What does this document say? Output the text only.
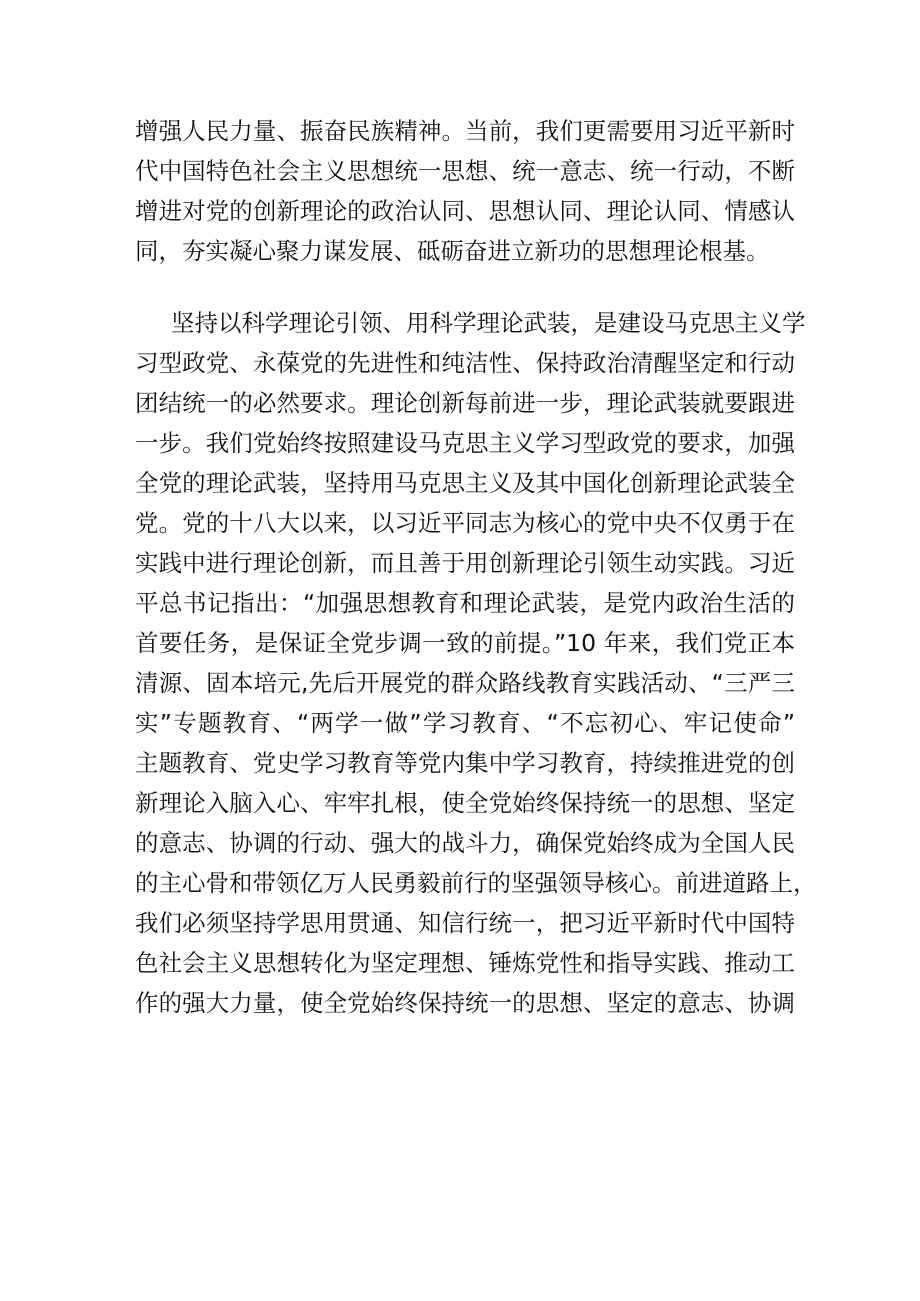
增强人民力量、振奋民族精神。当前，我们更需要用习近平新时
代中国特色社会主义思想统一思想、统一意志、统一行动，不断
增进对党的创新理论的政治认同、思想认同、理论认同、情感认
同，夯实凝心聚力谋发展、砥砺奋进立新功的思想理论根基。
坚持以科学理论引领、用科学理论武装，是建设马克思主义学
习型政党、永葆党的先进性和纯洁性、保持政治清醒坚定和行动
团结统一的必然要求。理论创新每前进一步，理论武装就要跟进
一步。我们党始终按照建设马克思主义学习型政党的要求，加强
全党的理论武装，坚持用马克思主义及其中国化创新理论武装全
党。党的十八大以来，以习近平同志为核心的党中央不仅勇于在
实践中进行理论创新，而且善于用创新理论引领生动实践。习近
平总书记指出：“加强思想教育和理论武装，是党内政治生活的
首要任务，是保证全党步调一致的前提。”10 年来，我们党正本
清源、固本培元,先后开展党的群众路线教育实践活动、“三严三
实”专题教育、“两学一做”学习教育、“不忘初心、牢记使命”
主题教育、党史学习教育等党内集中学习教育，持续推进党的创
新理论入脑入心、牢牢扎根，使全党始终保持统一的思想、坚定
的意志、协调的行动、强大的战斗力，确保党始终成为全国人民
的主心骨和带领亿万人民勇毅前行的坚强领导核心。前进道路上，
我们必须坚持学思用贯通、知信行统一，把习近平新时代中国特
色社会主义思想转化为坚定理想、锤炼党性和指导实践、推动工
作的强大力量，使全党始终保持统一的思想、坚定的意志、协调
